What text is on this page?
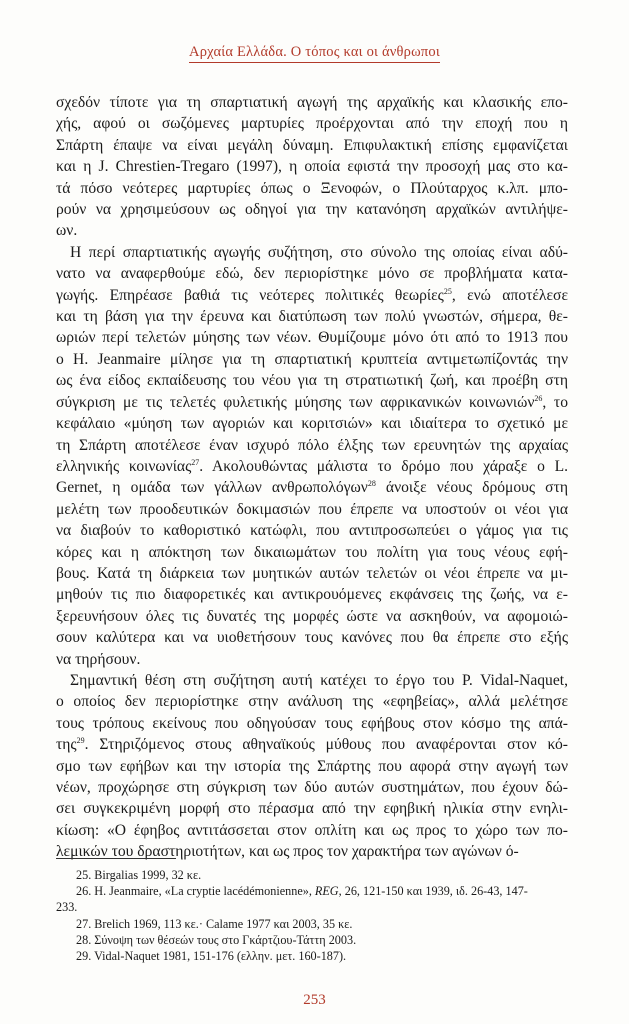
Αρχαία Ελλάδα. Ο τόπος και οι άνθρωποι

σχεδόν τίποτε για τη σπαρτιατική αγωγή της αρχαϊκής και κλασικής επο-
χής, αφού οι σωζόμενες μαρτυρίες προέρχονται από την εποχή που η
Σπάρτη έπαψε να είναι μεγάλη δύναμη. Επιφυλακτική επίσης εμφανίζεται
και η J. Chrestien-Tregaro (1997), η οποία εφιστά την προσοχή μας στο κα-
τά πόσο νεότερες μαρτυρίες όπως ο Ξενοφών, ο Πλούταρχος κ.λπ. μπο-
ρούν να χρησιμεύσουν ως οδηγοί για την κατανόηση αρχαϊκών αντιλήψε-
ων.

Η περί σπαρτιατικής αγωγής συζήτηση, στο σύνολο της οποίας είναι αδύ-
νατο να αναφερθούμε εδώ, δεν περιορίστηκε μόνο σε προβλήματα κατα-
γωγής. Επηρέασε βαθιά τις νεότερες πολιτικές θεωρίες$^{25}$, ενώ αποτέλεσε
και τη βάση για την έρευνα και διατύπωση των πολύ γνωστών, σήμερα, θε-
ωριών περί τελετών μύησης των νέων. Θυμίζουμε μόνο ότι από το 1913 που
ο H. Jeanmaire μίλησε για τη σπαρτιατική κρυπτεία αντιμετωπίζοντάς την
ως ένα είδος εκπαίδευσης του νέου για τη στρατιωτική ζωή, και προέβη στη
σύγκριση με τις τελετές φυλετικής μύησης των αφρικανικών κοινωνιών$^{26}$, το
κεφάλαιο «μύηση των αγοριών και κοριτσιών» και ιδιαίτερα το σχετικό με
τη Σπάρτη αποτέλεσε έναν ισχυρό πόλο έλξης των ερευνητών της αρχαίας
ελληνικής κοινωνίας$^{27}$. Ακολουθώντας μάλιστα το δρόμο που χάραξε ο L.
Gernet, η ομάδα των γάλλων ανθρωπολόγων$^{28}$ άνοιξε νέους δρόμους στη
μελέτη των προοδευτικών δοκιμασιών που έπρεπε να υποστούν οι νέοι για
να διαβούν το καθοριστικό κατώφλι, που αντιπροσωπεύει ο γάμος για τις
κόρες και η απόκτηση των δικαιωμάτων του πολίτη για τους νέους εφή-
βους. Κατά τη διάρκεια των μυητικών αυτών τελετών οι νέοι έπρεπε να μι-
μηθούν τις πιο διαφορετικές και αντικρουόμενες εκφάνσεις της ζωής, να ε-
ξερευνήσουν όλες τις δυνατές της μορφές ώστε να ασκηθούν, να αφομοιώ-
σουν καλύτερα και να υιοθετήσουν τους κανόνες που θα έπρεπε στο εξής
να τηρήσουν.

Σημαντική θέση στη συζήτηση αυτή κατέχει το έργο του P. Vidal-Naquet,
ο οποίος δεν περιορίστηκε στην ανάλυση της «εφηβείας», αλλά μελέτησε
τους τρόπους εκείνους που οδηγούσαν τους εφήβους στον κόσμο της απά-
της$^{29}$. Στηριζόμενος στους αθηναϊκούς μύθους που αναφέρονται στον κό-
σμο των εφήβων και την ιστορία της Σπάρτης που αφορά στην αγωγή των
νέων, προχώρησε στη σύγκριση των δύο αυτών συστημάτων, που έχουν δώ-
σει συγκεκριμένη μορφή στο πέρασμα από την εφηβική ηλικία στην ενηλι-
κίωση: «Ο έφηβος αντιτάσσεται στον οπλίτη και ως προς το χώρο των πο-
λεμικών του δραστηριοτήτων, και ως προς τον χαρακτήρα των αγώνων ό-

25. Birgalias 1999, 32 κε.
26. H. Jeanmaire, «La cryptie lacédémonienne», REG, 26, 121-150 και 1939, ιδ. 26-43, 147-
233.
27. Brelich 1969, 113 κε.· Calame 1977 και 2003, 35 κε.
28. Σύνοψη των θέσεών τους στο Γκάρτζιου-Τάττη 2003.
29. Vidal-Naquet 1981, 151-176 (ελλην. μετ. 160-187).
253
